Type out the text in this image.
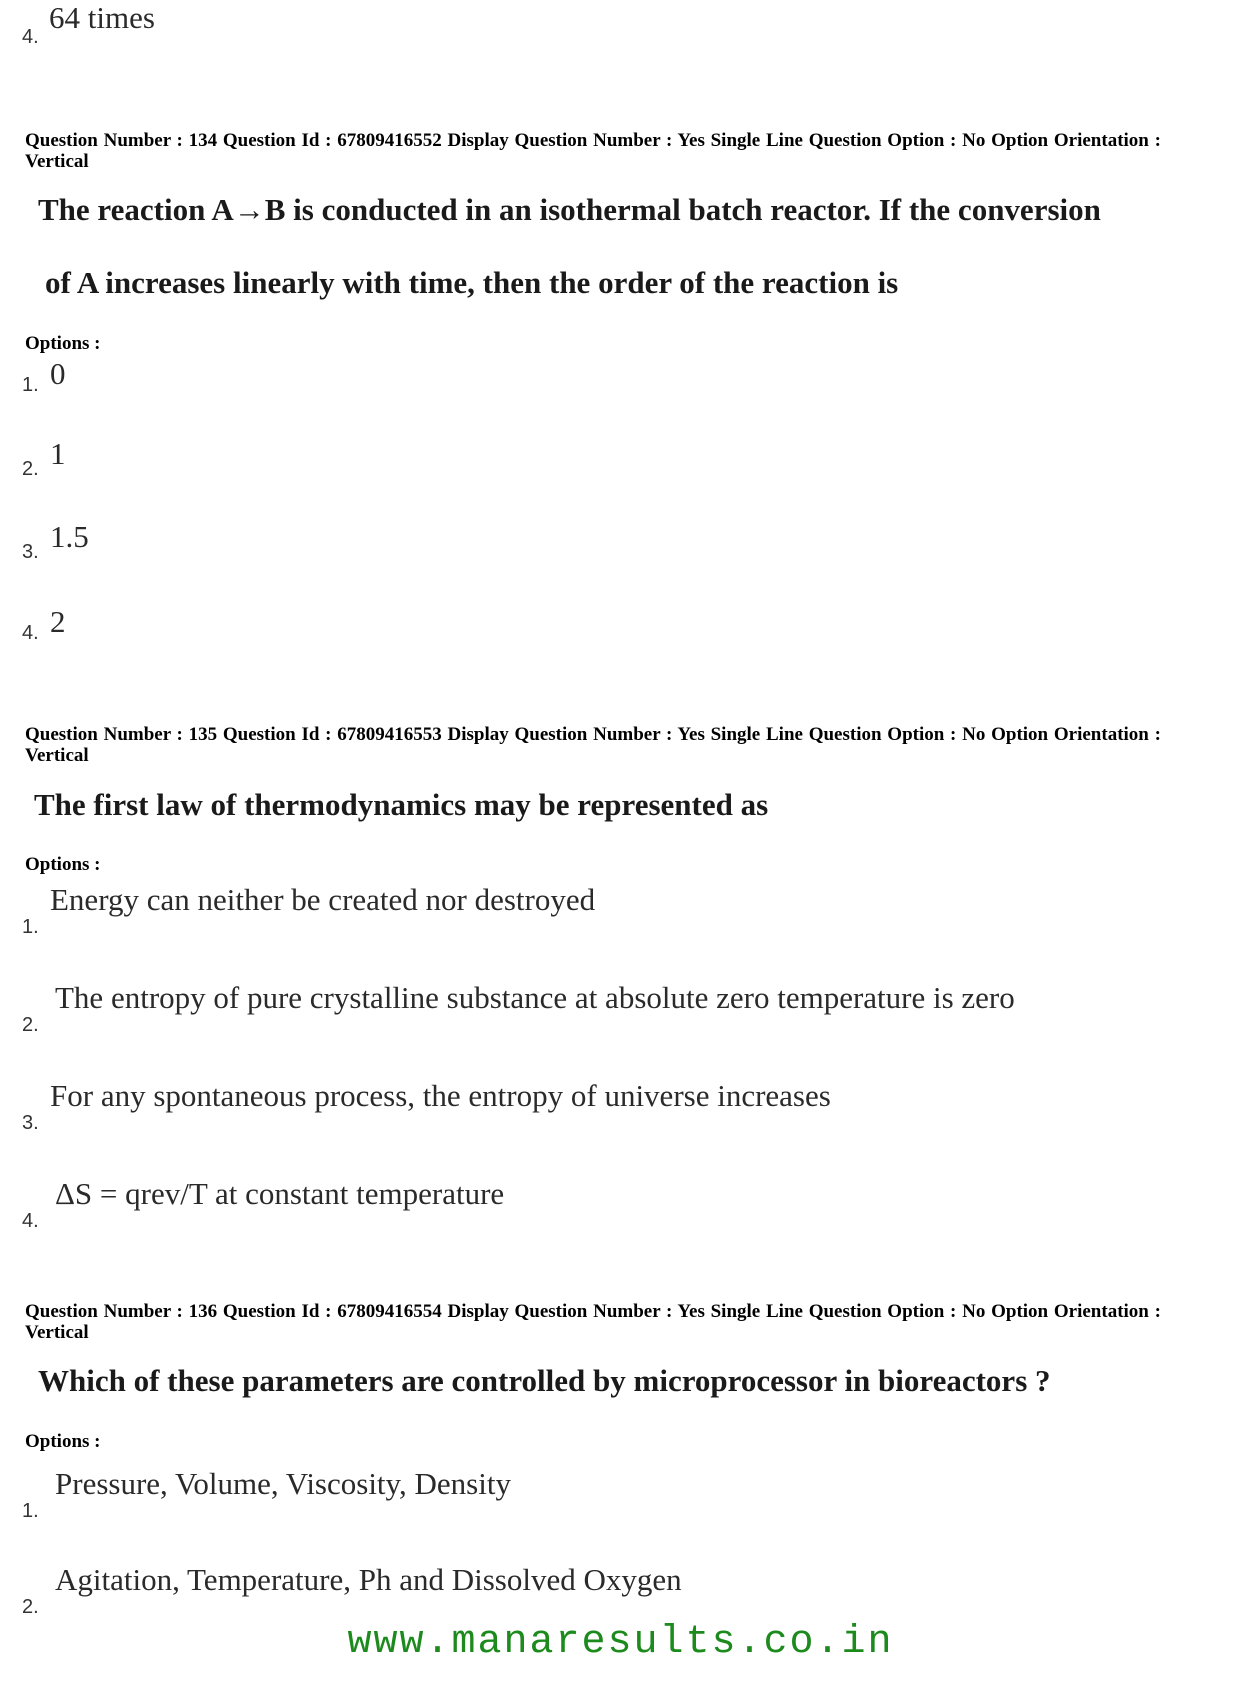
4.
64 times
Question Number : 134 Question Id : 67809416552 Display Question Number : Yes Single Line Question Option : No Option Orientation : Vertical
The reaction A→B is conducted in an isothermal batch reactor. If the conversion
of A increases linearly with time, then the order of the reaction is
Options :
1. 0
2. 1
3. 1.5
4. 2
Question Number : 135 Question Id : 67809416553 Display Question Number : Yes Single Line Question Option : No Option Orientation : Vertical
The first law of thermodynamics may be represented as
Options :
1.
Energy can neither be created nor destroyed
2.
The entropy of pure crystalline substance at absolute zero temperature is zero
3.
For any spontaneous process, the entropy of universe increases
4.
ΔS = qrev/T at constant temperature
Question Number : 136 Question Id : 67809416554 Display Question Number : Yes Single Line Question Option : No Option Orientation : Vertical
Which of these parameters are controlled by microprocessor in bioreactors ?
Options :
1.
Pressure, Volume, Viscosity, Density
2.
Agitation, Temperature, Ph and Dissolved Oxygen
www.manaresults.co.in
